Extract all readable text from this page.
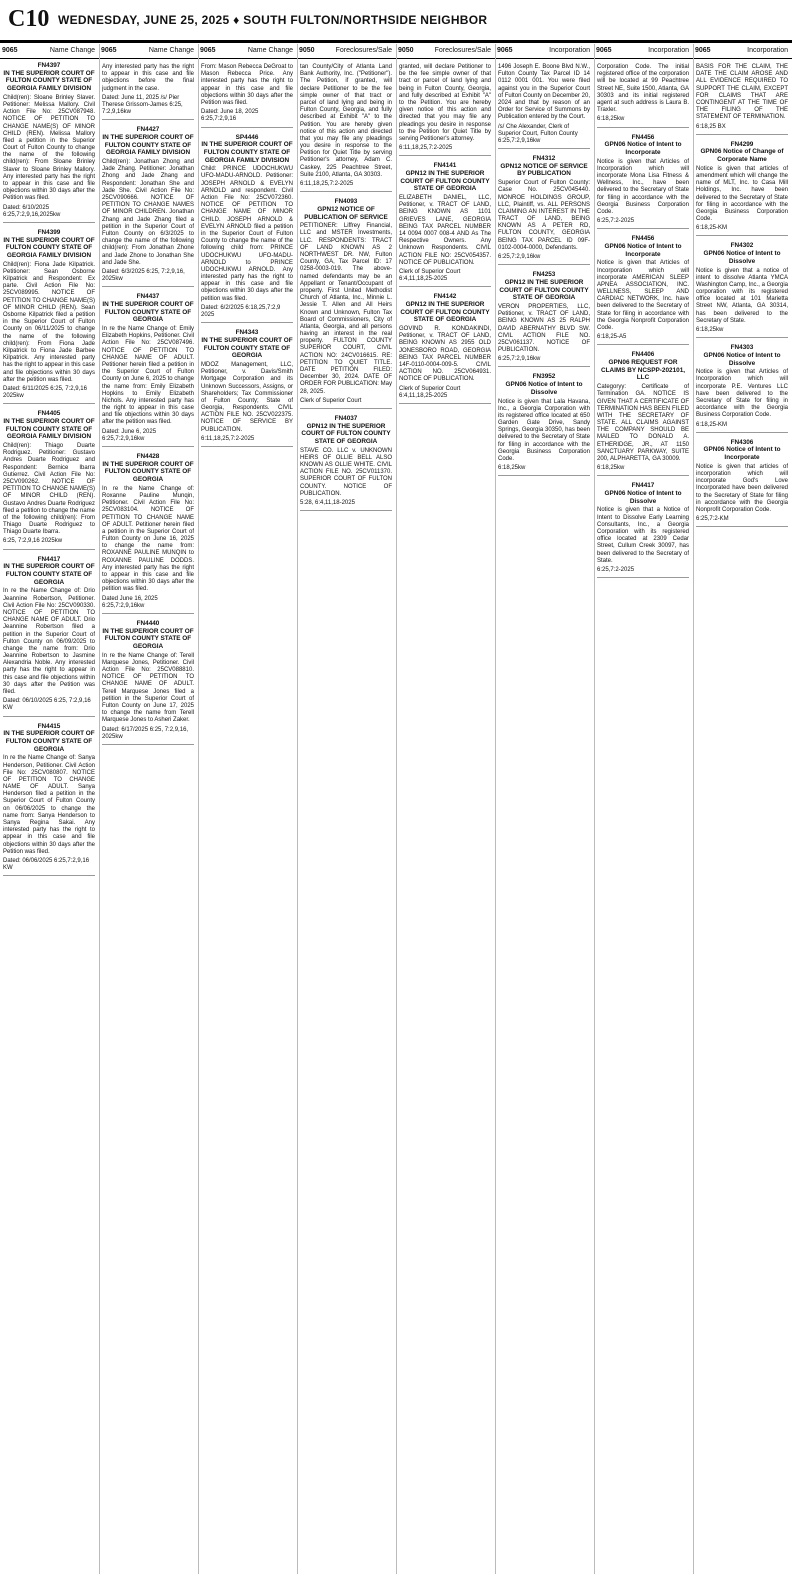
C10 WEDNESDAY, JUNE 25, 2025 ♦ SOUTH FULTON/NORTHSIDE NEIGHBOR
9065	Name Change 9065	Name Change 9065	Name Change 9050	Foreclosures/Sale 9050	Foreclosures/Sale 9065	Incorporation 9065	Incorporation 9065	Incorporation
FN4397
IN THE SUPERIOR COURT OF FULTON COUNTY STATE OF GEORGIA FAMILY DIVISION
Child(ren): Sloane Brinley Slaver. Petitioner: Melissa Mallory. Civil Action File No: 25CV087948. NOTICE OF PETITION TO CHANGE NAME(S) OF MINOR CHILD (REN). Melissa Mallory filed a petition in the Superior Court of Fulton County to change the name of the following child(ren): From Sloane Brinley Slaver to Sloane Brinley Mallory. Any interested party has the right to appear in this case and file objections within 30 days after the Petition was filed.
Dated: 6/10/2025 6:25,7:2,9,16,2025kw
FN4399
IN THE SUPERIOR COURT OF FULTON COUNTY STATE OF GEORGIA FAMILY DIVISION
Child(ren): Fiona Jade Kilpatrick. Petitioner: Sean Osborne Kilpatrick and Respondent: Ex parte. Civil Action File No: 25CV089995. NOTICE OF PETITION TO CHANGE NAME(S) OF MINOR CHILD (REN). Sean Osborne Kilpatrick filed a petition in the Superior Court of Fulton County on 06/11/2025 to change the name of the following child(ren): From Fiona Jade Kilpatrick to Fiona Jade Barbee Kilpatrick. Any interested party has the right to appear in this case and file objections within 30 days after the petition was filed.
Dated: 6/11/2025 6:25, 7:2,9,16 2025kw
FN4405
IN THE SUPERIOR COURT OF FULTON COUNTY STATE OF GEORGIA FAMILY DIVISION
Child(ren): Thiago Duarte Rodriguez. Petitioner: Gustavo Andres Duarte Rodriguez and Respondent: Bernice Ibarra Gutierrez. Civil Action File No: 25CV090262. NOTICE OF PETITION TO CHANGE NAME(S) OF MINOR CHILD (REN). Gustavo Andres Duarte Rodriguez filed a petition to change the name of the following child(ren): From Thiago Duarte Rodriguez to Thiago Duarte Ibarra.
6:25, 7:2,9,16 2025kw
FN4417
IN THE SUPERIOR COURT OF FULTON COUNTY STATE OF GEORGIA
In re the Name Change of: Drio Jeannine Robertson, Petitioner. Civil Action File No: 25CV090330. NOTICE OF PETITION TO CHANGE NAME OF ADULT. Drio Jeannine Robertson filed a petition in the Superior Court of Fulton County on 06/09/2025 to change the name from: Drio Jeannine Robertson to Jasmine Alexandria Noble. Any interested party has the right to appear in this case and file objections within 30 days after the Petition was filed.
Dated: 06/10/2025 6:25, 7:2,9,16 KW
FN4415
IN THE SUPERIOR COURT OF FULTON COUNTY STATE OF GEORGIA
In re the Name Change of: Sanya Henderson, Petitioner. Civil Action File No: 25CV080807. NOTICE OF PETITION TO CHANGE NAME OF ADULT. Sanya Henderson filed a petition in the Superior Court of Fulton County on 06/06/2025 to change the name from: Sanya Henderson to Sanya Regina Sakai. Any interested party has the right to appear in this case and file objections within 30 days after the Petition was filed.
Dated: 06/06/2025 6:25,7:2,9,16 KW
Any interested party has the right to appear in this case and file objections before the final judgment in the case.
Dated: June 11, 2025 /s/ Pier Therese Grissom-James 6:25, 7:2,9,16kw
FN4427
IN THE SUPERIOR COURT OF FULTON COUNTY STATE OF GEORGIA FAMILY DIVISION
Child(ren): Jonathan Zhong and Jade Zhang. Petitioner: Jonathan Zhong and Jade Zhang and Respondent: Jonathan She and Jade She. Civil Action File No: 25CV090666. NOTICE OF PETITION TO CHANGE NAMES OF MINOR CHILDREN. Jonathan Zhang and Jade Zhang filed a petition in the Superior Court of Fulton County on 6/3/2025 to change the name of the following child(ren): From Jonathan Zhone and Jade Zhone to Jonathan She and Jade She.
Dated: 6/3/2025 6:25, 7:2,9,16, 2025kw
FN4437
IN THE SUPERIOR COURT OF FULTON COUNTY STATE OF GEORGIA
In re the Name Change of: Emily Elizabeth Hopkins, Petitioner. Civil Action File No: 25CV087496. NOTICE OF PETITION TO CHANGE NAME OF ADULT. Petitioner herein filed a petition in the Superior Court of Fulton County on June 6, 2025 to change the name from: Emily Elizabeth Hopkins to Emily Elizabeth Nichols. Any interested party has the right to appear in this case and file objections within 30 days after the petition was filed.
Dated: June 6, 2025 6:25,7:2,9,16kw
FN4428
IN THE SUPERIOR COURT OF FULTON COUNTY STATE OF GEORGIA
In re the Name Change of: Roxanne Pauline Munqin, Petitioner. Civil Action File No: 25CV083104. NOTICE OF PETITION TO CHANGE NAME OF ADULT. Petitioner herein filed a petition in the Superior Court of Fulton County on June 16, 2025 to change the name from: ROXANNE PAULINE MUNQIN to ROXANNE PAULINE DODDS. Any interested party has the right to appear in this case and file objections within 30 days after the petition was filed.
Dated June 16, 2025 6:25,7:2,9,16kw
FN4440
IN THE SUPERIOR COURT OF FULTON COUNTY STATE OF GEORGIA
In re the Name Change of: Terell Marquese Jones, Petitioner. Civil Action File No: 25CV088810. NOTICE OF PETITION TO CHANGE NAME OF ADULT. Terell Marquese Jones filed a petition in the Superior Court of Fulton County on June 17, 2025 to change the name from Terell Marquese Jones to Asheri Zaker.
Dated: 6/17/2025 6:25, 7:2,9,16, 2025kw
From: Mason Rebecca DeGroat to Mason Rebecca Price. Any interested party has the right to appear in this case and file objections within 30 days after the Petition was filed.
Dated: June 18, 2025 6:25,7:2,9,16
SP4446
IN THE SUPERIOR COURT OF FULTON COUNTY STATE OF GEORGIA FAMILY DIVISION
Child: PRINCE UDOCHUKWU UFO-MADU-ARNOLD. Petitioner: JOSEPH ARNOLD & EVELYN ARNOLD and respondent. Civil Action File No: 25CV072360. NOTICE OF PETITION TO CHANGE NAME OF MINOR CHILD. JOSEPH ARNOLD & EVELYN ARNOLD filed a petition in the Superior Court of Fulton County to change the name of the following child from: PRINCE UDOCHUKWU UFO-MADU-ARNOLD to PRINCE UDOCHUKWU ARNOLD. Any interested party has the right to appear in this case and file objections within 30 days after the petition was filed.
Dated: 6/2/2025 6:18,25,7:2,9 2025
FN4343
IN THE SUPERIOR COURT OF FULTON COUNTY STATE OF GEORGIA
MDOZ Management, LLC, Petitioner, v. Davis/Smith Mortgage Corporation and its Unknown Successors, Assigns, or Shareholders; Tax Commissioner of Fulton County; State of Georgia, Respondents. CIVIL ACTION FILE NO. 25CV022375. NOTICE OF SERVICE BY PUBLICATION.
6:11,18,25,7:2-2025
tan County/City of Atlanta Land Bank Authority, Inc. ("Petitioner"). The Petition, if granted, will declare Petitioner to be the fee simple owner of that tract or parcel of land lying and being in Fulton County, Georgia, and fully described at Exhibit "A" to the Petition. You are hereby given notice of this action and directed that you may file any pleadings you desire in response to the Petition for Quiet Title by serving Petitioner's attorney, Adam C. Caskey, 225 Peachtree Street, Suite 2100, Atlanta, GA 30303.
6:11,18,25,7:2-2025
FN4093
GPN12 NOTICE OF PUBLICATION OF SERVICE
PETITIONER: Liffrey Financial, LLC and MSTER Investments, LLC. RESPONDENTS: TRACT OF LAND KNOWN AS 2 NORTHWEST DR. NW, Fulton County, GA, Tax Parcel ID: 17 0258-0003-019. The above-named defendants may be an Appellant or Tenant/Occupant of property. First United Methodist Church of Atlanta, Inc., Minnie L. Jessie T. Allen and All Heirs Known and Unknown, Fulton Tax Board of Commissioners, City of Atlanta, Georgia, and all persons having an interest in the real property. FULTON COUNTY SUPERIOR COURT, CIVIL ACTION NO: 24CV016615. RE: PETITION TO QUIET TITLE. DATE PETITION FILED: December 30, 2024. DATE OF ORDER FOR PUBLICATION: May 28, 2025.
Clerk of Superior Court
FN4037
GPN12 IN THE SUPERIOR COURT OF FULTON COUNTY STATE OF GEORGIA
STAVE CO. LLC v. UNKNOWN HEIRS OF OLLIE BELL ALSO KNOWN AS OLLIE WHITE. CIVIL ACTION FILE NO. 25CV011370. SUPERIOR COURT OF FULTON COUNTY. NOTICE OF PUBLICATION.
5:28, 6:4,11,18-2025
granted, will declare Petitioner to be the fee simple owner of that tract or parcel of land lying and being in Fulton County, Georgia, and fully described at Exhibit "A" to the Petition. You are hereby given notice of this action and directed that you may file any pleadings you desire in response to the Petition for Quiet Title by serving Petitioner's attorney.
6:11,18,25,7:2-2025
FN4141
GPN12 IN THE SUPERIOR COURT OF FULTON COUNTY STATE OF GEORGIA
ELIZABETH DANIEL, LLC, Petitioner, v. TRACT OF LAND, BEING KNOWN AS 1101 GRIEVES LANE, GEORGIA BEING TAX PARCEL NUMBER 14 0094 0007 008-4 AND As The Respective Owners. Any Unknown Respondents. CIVIL ACTION FILE NO: 25CV054357. NOTICE OF PUBLICATION.
Clerk of Superior Court 6:4,11,18,25-2025
FN4142
GPN12 IN THE SUPERIOR COURT OF FULTON COUNTY STATE OF GEORGIA
GOVIND R. KONDAKINDI, Petitioner, v. TRACT OF LAND, BEING KNOWN AS 2955 OLD JONESBORO ROAD, GEORGIA BEING TAX PARCEL NUMBER 14F-0110-0004-009-5. CIVIL ACTION NO. 25CV064931. NOTICE OF PUBLICATION.
Clerk of Superior Court 6:4,11,18,25-2025
1496 Joseph E. Boone Blvd N.W., Fulton County Tax Parcel ID 14 0112 0001 001. You were filed against you in the Superior Court of Fulton County on December 20, 2024 and that by reason of an Order for Service of Summons by Publication entered by the Court.
/s/ Che Alexander, Clerk of Superior Court, Fulton County 6:25,7:2,9,16kw
FN4312
GPN12 NOTICE OF SERVICE BY PUBLICATION
Superior Court of Fulton County: Case No. 25CV045440. MONROE HOLDINGS GROUP, LLC, Plaintiff, vs. ALL PERSONS CLAIMING AN INTEREST IN THE TRACT OF LAND, BEING KNOWN AS A PETER RD, FULTON COUNTY, GEORGIA BEING TAX PARCEL ID 09F-0102-0004-0000, Defendants.
6:25,7:2,9,16kw
FN4253
GPN12 IN THE SUPERIOR COURT OF FULTON COUNTY STATE OF GEORGIA
VERON PROPERTIES, LLC, Petitioner, v. TRACT OF LAND, BEING KNOWN AS 25 RALPH DAVID ABERNATHY BLVD SW. CIVIL ACTION FILE NO. 25CV061137. NOTICE OF PUBLICATION.
6:25,7:2,9,16kw
FN3952
GPN06 Notice of Intent to Dissolve
Notice is given that Lala Havana, Inc., a Georgia Corporation with its registered office located at 650 Garden Gate Drive, Sandy Springs, Georgia 30350, has been delivered to the Secretary of State for filing in accordance with the Georgia Business Corporation Code.
6:18,25kw
Corporation Code. The initial registered office of the corporation will be located at 99 Peachtree Street NE, Suite 1500, Atlanta, GA 30303 and its initial registered agent at such address is Laura B. Traxler.
6:18,25kw
FN4456
GPN06 Notice of Intent to Incorporate
Notice is given that Articles of Incorporation which will incorporate Mona Lisa Fitness & Wellness, Inc., have been delivered to the Secretary of State for filing in accordance with the Georgia Business Corporation Code.
6:25,7:2-2025
FN4456
GPN06 Notice of Intent to Incorporate
Notice is given that Articles of Incorporation which will incorporate AMERICAN SLEEP APNEA ASSOCIATION, INC. WELLNESS, SLEEP AND CARDIAC NETWORK, Inc. have been delivered to the Secretary of State for filing in accordance with the Georgia Nonprofit Corporation Code.
6:18,25-A5
FN4406
GPN06 REQUEST FOR CLAIMS BY NCSPP-202101, LLC
Categoryy: Certificate of Termination GA. NOTICE IS GIVEN THAT A CERTIFICATE OF TERMINATION HAS BEEN FILED WITH THE SECRETARY OF STATE. ALL CLAIMS AGAINST THE COMPANY SHOULD BE MAILED TO DONALD A. ETHERIDGE, JR., AT 1150 SANCTUARY PARKWAY, SUITE 200, ALPHARETTA, GA 30009.
6:18,25kw
FN4417
GPN06 Notice of Intent to Dissolve
Notice is given that a Notice of Intent to Dissolve Early Learning Consultants, Inc., a Georgia Corporation with its registered office located at 2309 Cedar Street, Cullum Creek 30097, has been delivered to the Secretary of State.
6:25,7:2-2025
BASIS FOR THE CLAIM, THE DATE THE CLAIM AROSE AND ALL EVIDENCE REQUIRED TO SUPPORT THE CLAIM, EXCEPT FOR CLAIMS THAT ARE CONTINGENT AT THE TIME OF THE FILING OF THE STATEMENT OF TERMINATION.
6:18,25 BX
FN4299
GPN06 Notice of Change of Corporate Name
Notice is given that articles of amendment which will change the name of MLT, Inc. to Casa Mill Holdings, Inc. have been delivered to the Secretary of State for filing in accordance with the Georgia Business Corporation Code.
6:18,25-KM
FN4302
GPN06 Notice of Intent to Dissolve
Notice is given that a notice of intent to dissolve Atlanta YMCA Washington Camp, Inc., a Georgia corporation with its registered office located at 101 Marietta Street NW, Atlanta, GA 30314, has been delivered to the Secretary of State.
6:18,25kw
FN4303
GPN06 Notice of Intent to Dissolve
Notice is given that Articles of Incorporation which will incorporate P.E. Ventures LLC have been delivered to the Secretary of State for filing in accordance with the Georgia Business Corporation Code.
6:18,25-KM
FN4306
GPN06 Notice of Intent to Incorporate
Notice is given that articles of incorporation which will incorporate God's Love Incorporated have been delivered to the Secretary of State for filing in accordance with the Georgia Nonprofit Corporation Code.
6:25,7:2-KM
